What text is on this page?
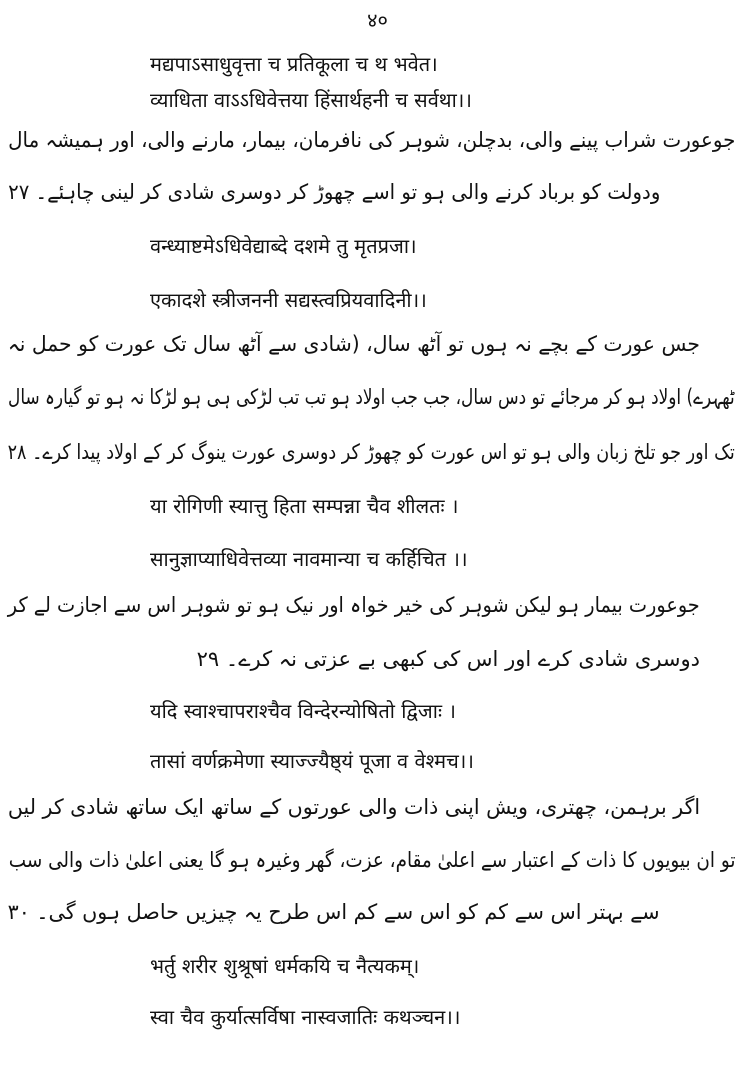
४०
मद्यपाऽसाधुवृत्ता च प्रतिकूला च थ भवेत।
व्याधिता वाऽऽधिवेत्तया हिंसार्थहनी च सर्वथा।।
جوعورت شراب پینے والی، بدچلن، شوہر کی نافرمان، بیمار، مارنے والی، اور ہمیشہ مال
ودولت کو برباد کرنے والی ہو تو اسے چھوڑ کر دوسری شادی کر لینی چاہئے۔ ۲۷
वन्ध्याष्टमेऽधिवेद्याब्दे दशमे तु मृतप्रजा।
एकादशे स्त्रीजननी सद्यस्त्वप्रियवादिनी।।
جس عورت کے بچے نہ ہوں تو آٹھ سال، (شادی سے آٹھ سال تک عورت کو حمل نہ
ٹھہرے) اولاد ہو کر مرجائے تو دس سال، جب جب اولاد ہو تب تب لڑکی ہی ہو لڑکا نہ ہو تو گیارہ سال
تک اور جو تلخ زبان والی ہو تو اس عورت کو چھوڑ کر دوسری عورت ینوگ کر کے اولاد پیدا کرے۔ ۲۸
या रोगिणी स्यात्तु हिता सम्पन्ना चैव शीलतः ।
सानुज्ञाप्याधिवेत्तव्या नावमान्या च कर्हिचित ।।
جوعورت بیمار ہو لیکن شوہر کی خیر خواہ اور نیک ہو تو شوہر اس سے اجازت لے کر
دوسری شادی کرے اور اس کی کبھی بے عزتی نہ کرے۔ ۲۹
यदि स्वाश्चापराश्चैव विन्देरन्योषितो द्विजाः ।
तासां वर्णक्रमेणा स्याज्ज्यैष्ठ्यं पूजा व वेश्मच।।
اگر برہمن، چھتری، ویش اپنی ذات والی عورتوں کے ساتھ ایک ساتھ شادی کر لیں
تو ان بیویوں کا ذات کے اعتبار سے اعلیٰ مقام، عزت، گھر وغیرہ ہو گا یعنی اعلیٰ ذات والی سب
سے بہتر اس سے کم کو اس سے کم اس طرح یہ چیزیں حاصل ہوں گی۔ ۳۰
भर्तु शरीर शुश्रूषां धर्मकयि च नैत्यकम्।
स्वा चैव कुर्यात्सर्विषा नास्वजातिः कथञ्चन।।
